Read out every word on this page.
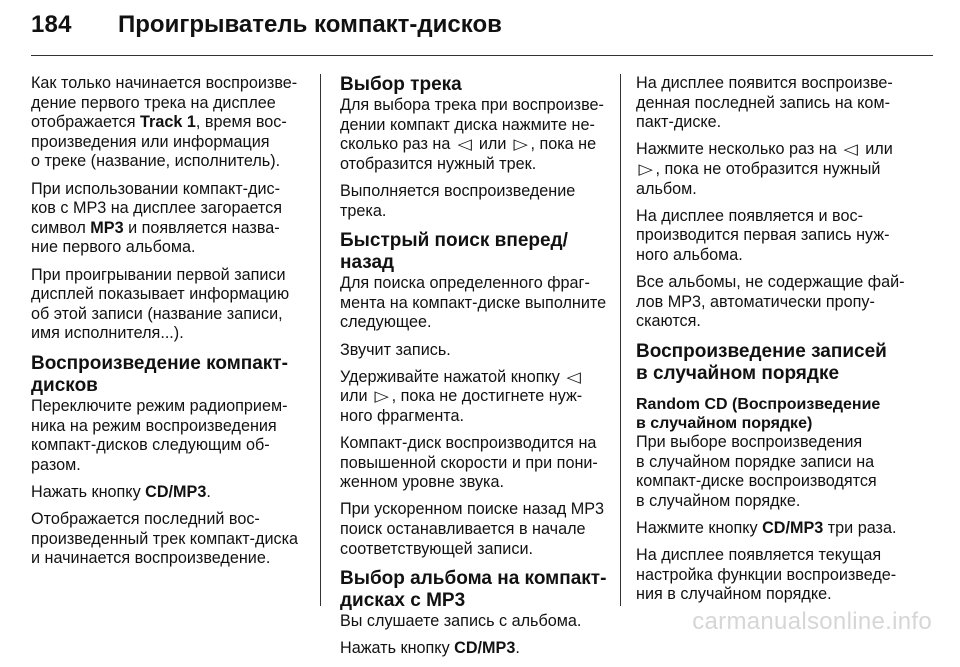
184 Проигрыватель компакт-дисков

Как только начинается воспроизве-
дение первого трека на дисплее
отображается Track 1, время вос-
произведения или информация
о треке (название, исполнитель).

При использовании компакт-дис-
ков с MP3 на дисплее загорается
символ MP3 и появляется назва-
ние первого альбома.

При проигрывании первой записи
дисплей показывает информацию
об этой записи (название записи,
имя исполнителя...).

Воспроизведение компакт-
дисков

Переключите режим радиоприем-
ника на режим воспроизведения
компакт-дисков следующим об-
разом.

Нажать кнопку CD/MP3.

Отображается последний вос-
произведенный трек компакт-диска
и начинается воспроизведение.

Выбор трека

Для выбора трека при воспроизве-
дении компакт диска нажмите не-
сколько раз на ◁ или ▷ , пока не
отобразится нужный трек.

Выполняется воспроизведение
трека.

Быстрый поиск вперед/назад

Для поиска определенного фраг-
мента на компакт-диске выполните
следующее.

Звучит запись.

Удерживайте нажатой кнопку ◁
или ▷ , пока не достигнете нуж-
ного фрагмента.

Компакт-диск воспроизводится на
повышенной скорости и при пони-
женном уровне звука.

При ускоренном поиске назад MP3
поиск останавливается в начале
соответствующей записи.

Выбор альбома на компакт-
дисках с MP3

Вы слушаете запись с альбома.

Нажать кнопку CD/MP3.

На дисплее появится воспроизве-
денная последней запись на ком-
пакт-диске.

Нажмите несколько раз на ◁ или
▷ , пока не отобразится нужный
альбом.

На дисплее появляется и вос-
производится первая запись нуж-
ного альбома.

Все альбомы, не содержащие фай-
лов MP3, автоматически пропу-
скаются.

Воспроизведение записей
в случайном порядке
Random CD (Воспроизведение
в случайном порядке)

При выборе воспроизведения
в случайном порядке записи на
компакт-диске воспроизводятся
в случайном порядке.

Нажмите кнопку CD/MP3 три раза.

На дисплее появляется текущая
настройка функции воспроизведе-
ния в случайном порядке.

carmanualsonline.info
